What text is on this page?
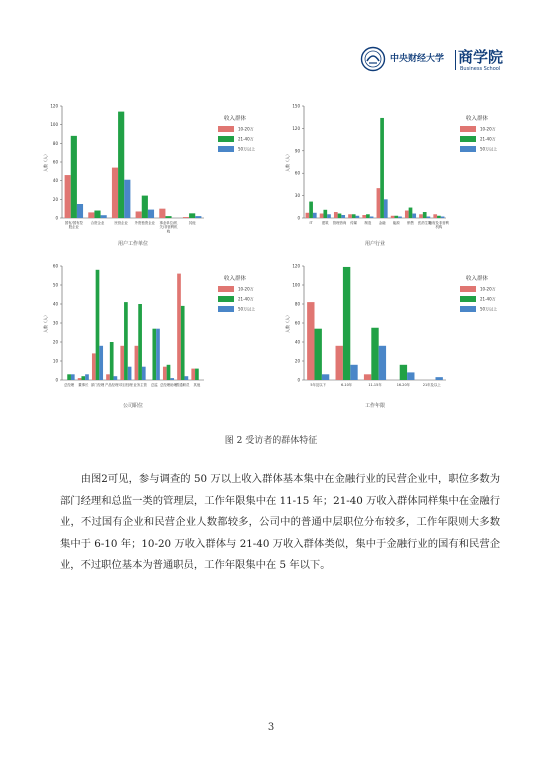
中央财经大学 商学院
Business School
0
20
40
60
80
100
120
人数（人）
国有/国有控股企业
合资企业	民营企业 外资独资企业 事业单位/机关/非营利机构
其他
用户工作单位
收入群体
10-20万
21-40万
50万以上
0
30
60
90
120
150
人数（人）
IT	建筑 管理咨询 传媒 制造 金融 能源 销售 医药生物
政府及非营利机构
用户行业
收入群体
10-20万
21-40万
50万以上
0
10
20
30
40
50
60
人数（人）
总经理 董事长 部门经理 产品经理 项目经理 业务主管 总监 总经理助理
普通职员 其他
公司职位
收入群体
10-20万
21-40万
50万以上
0
20
40
60
80
100
120
人数（人）
5年及以下	6-10年	11-15年	16-20年	21年及以上
工作年限
收入群体
10-20万
21-40万
50万以上
图 2 受访者的群体特征

由图2可见，参与调查的 50 万以上收入群体基本集中在金融行业的民营企业中，职位多数为部门经理和总监一类的管理层，工作年限集中在 11-15 年；21-40 万收入群体同样集中在金融行业，不过国有企业和民营企业人数都较多，公司中的普通中层职位分布较多，工作年限则大多数集中于 6-10 年；10-20 万收入群体与 21-40 万收入群体类似，集中于金融行业的国有和民营企业，不过职位基本为普通职员，工作年限集中在 5 年以下。

3
